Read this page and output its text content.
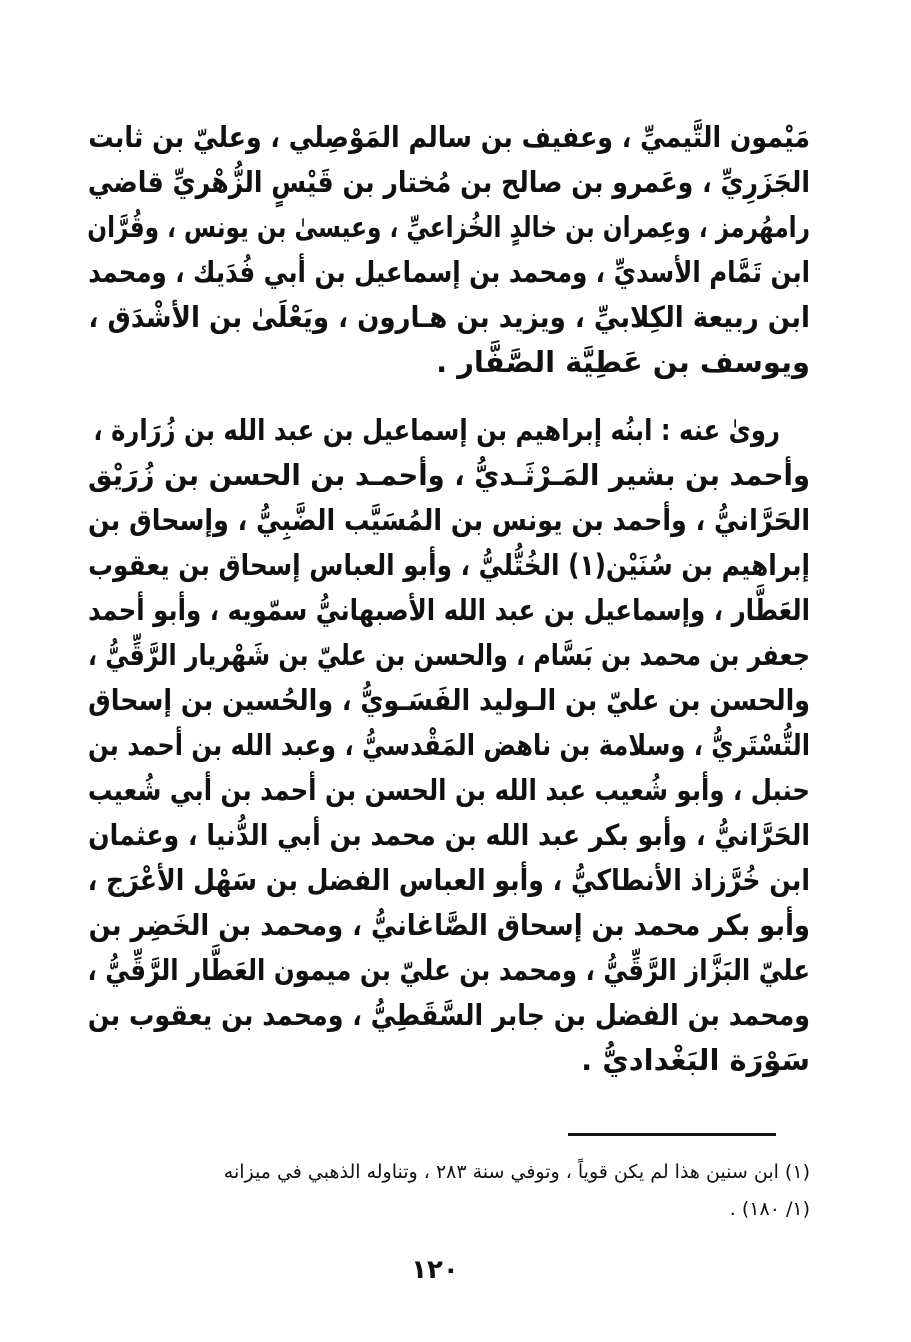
مَيْمون التَّيميِّ ، وعفيف بن سالم المَوْصِلي ، وعليّ بن ثابت
الجَزَرِيِّ ، وعَمرو بن صالح بن مُختار بن قَيْسٍ الزُّهْريِّ قاضي
رامهُرمز ، وعِمران بن خالدٍ الخُزاعيِّ ، وعيسىٰ بن يونس ، وقُرَّان
ابن تَمَّام الأسديِّ ، ومحمد بن إسماعيل بن أبي فُدَيك ، ومحمد
ابن ربيعة الكِلابيِّ ، ويزيد بن هـارون ، ويَعْلَىٰ بن الأشْدَق ،
ويوسف بن عَطِيَّة الصَّفَّار .
روىٰ عنه : ابنُه إبراهيم بن إسماعيل بن عبد الله بن زُرَارة ،
وأحمد بن بشير المَـرْثَـديُّ ، وأحمـد بن الحسن بن زُرَيْق
الحَرَّانيُّ ، وأحمد بن يونس بن المُسَيَّب الضَّبِيُّ ، وإسحاق بن
إبراهيم بن سُنَيْن(١) الخُتُّليُّ ، وأبو العباس إسحاق بن يعقوب
العَطَّار ، وإسماعيل بن عبد الله الأصبهانيُّ سمّويه ، وأبو أحمد
جعفر بن محمد بن بَسَّام ، والحسن بن عليّ بن شَهْريار الرَّقِّيُّ ،
والحسن بن عليّ بن الـوليد الفَسَـويُّ ، والحُسين بن إسحاق
التُّسْتَريُّ ، وسلامة بن ناهض المَقْدسيُّ ، وعبد الله بن أحمد بن
حنبل ، وأبو شُعيب عبد الله بن الحسن بن أحمد بن أبي شُعيب
الحَرَّانيُّ ، وأبو بكر عبد الله بن محمد بن أبي الدُّنيا ، وعثمان
ابن خُرَّزاذ الأنطاكيُّ ، وأبو العباس الفضل بن سَهْل الأعْرَج ،
وأبو بكر محمد بن إسحاق الصَّاغانيُّ ، ومحمد بن الخَضِر بن
عليّ البَزَّاز الرَّقِّيُّ ، ومحمد بن عليّ بن ميمون العَطَّار الرَّقِّيُّ ،
ومحمد بن الفضل بن جابر السَّقَطِيُّ ، ومحمد بن يعقوب بن
سَوْرَة البَغْداديُّ .
(١) ابن سنين هذا لم يكن قوياً ، وتوفي سنة ٢٨٣ ، وتناوله الذهبي في ميزانه
(١/ ١٨٠) .
١٢٠
